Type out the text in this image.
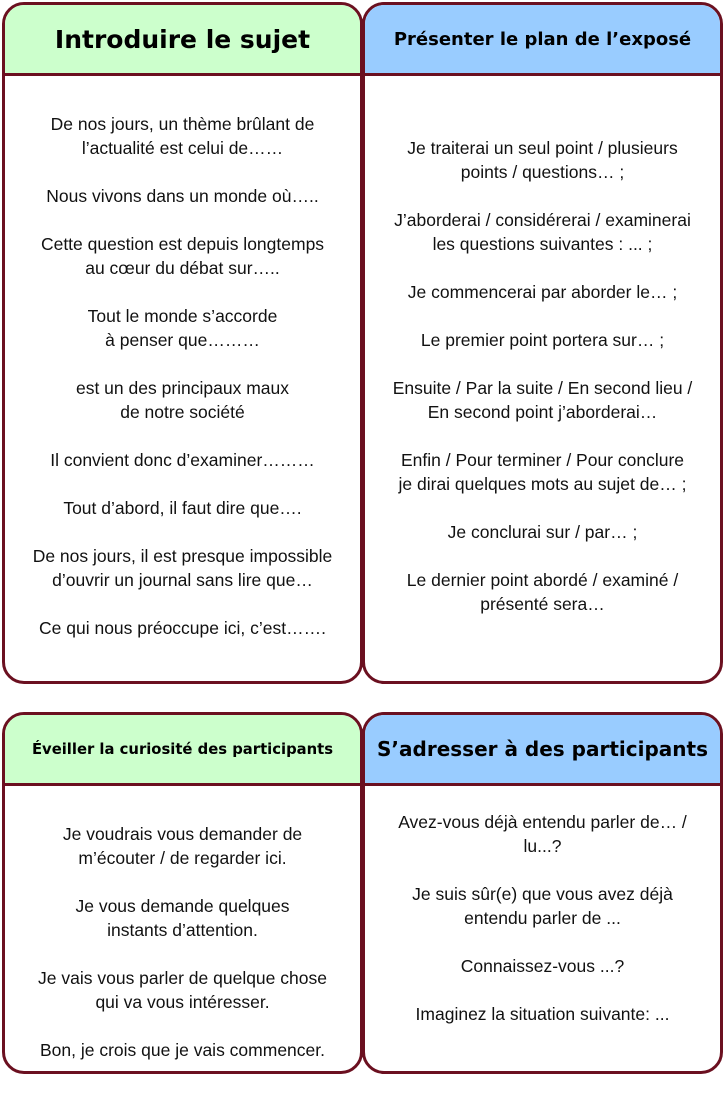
Introduire le sujet

De nos jours, un thème brûlant de
l’actualité est celui de……

Nous vivons dans un monde où…..

Cette question est depuis longtemps
au cœur du débat sur…..

Tout le monde s’accorde
à penser que………

est un des principaux maux
de notre société

Il convient donc d’examiner………

Tout d’abord, il faut dire que….

De nos jours, il est presque impossible
d’ouvrir un journal sans lire que…

Ce qui nous préoccupe ici, c’est…….

Présenter le plan de l’exposé

Je traiterai un seul point / plusieurs
points / questions… ;

J’aborderai / considérerai / examinerai
les questions suivantes : ... ;

Je commencerai par aborder le… ;

Le premier point portera sur… ;

Ensuite / Par la suite / En second lieu /
En second point j’aborderai…

Enfin / Pour terminer / Pour conclure
je dirai quelques mots au sujet de… ;

Je conclurai sur / par… ;

Le dernier point abordé / examiné /
présenté sera…

Éveiller la curiosité des participants

Je voudrais vous demander de
m’écouter / de regarder ici.

Je vous demande quelques
instants d’attention.

Je vais vous parler de quelque chose
qui va vous intéresser.

Bon, je crois que je vais commencer.

S’adresser à des participants

Avez-vous déjà entendu parler de… /
lu...?

Je suis sûr(e) que vous avez déjà
entendu parler de ...

Connaissez-vous ...?

Imaginez la situation suivante: ...
